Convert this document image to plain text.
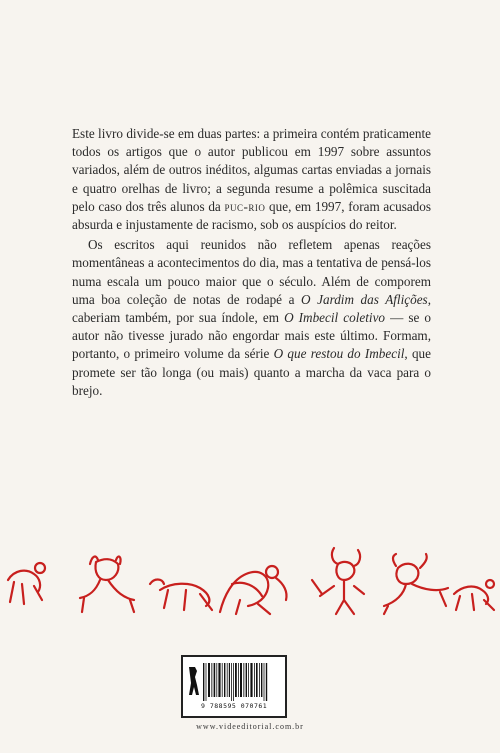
Este livro divide-se em duas partes: a primeira contém praticamente todos os artigos que o autor publicou em 1997 sobre assuntos variados, além de outros inéditos, algumas cartas enviadas a jornais e quatro orelhas de livro; a segunda resume a polêmica suscitada pelo caso dos três alunos da puc-rio que, em 1997, foram acusados absurda e injustamente de racismo, sob os auspícios do reitor.

Os escritos aqui reunidos não refletem apenas reações momentâneas a acontecimentos do dia, mas a tentativa de pensá-los numa escala um pouco maior que o século. Além de comporem uma boa coleção de notas de rodapé a O Jardim das Aflições, caberiam também, por sua índole, em O Imbecil coletivo — se o autor não tivesse jurado não engordar mais este último. Formam, portanto, o primeiro volume da série O que restou do Imbecil, que promete ser tão longa (ou mais) quanto a marcha da vaca para o brejo.

9 788595 070761
www.videeditorial.com.br
